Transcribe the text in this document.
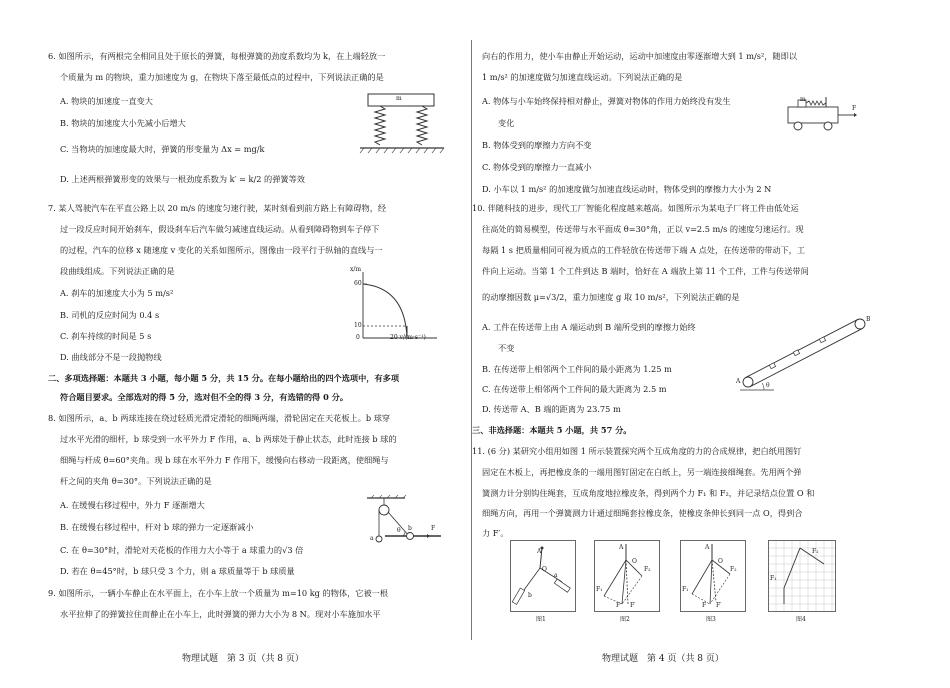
6. 如图所示，有两根完全相同且处于原长的弹簧，每根弹簧的劲度系数均为 k，在上端轻放一
个质量为 m 的物块，重力加速度为 g，在物块下落至最低点的过程中，下列说法正确的是
A. 物块的加速度一直变大
B. 物块的加速度大小先减小后增大
C. 当物块的加速度最大时，弹簧的形变量为 Δx = mg/k
D. 上述两根弹簧形变的效果与一根劲度系数为 k′ = k/2 的弹簧等效
m
7. 某人驾驶汽车在平直公路上以 20 m/s 的速度匀速行驶，某时刻看到前方路上有障碍物，经
过一段反应时间开始刹车，假设刹车后汽车做匀减速直线运动。从看到障碍物到车子停下
的过程，汽车的位移 x 随速度 v 变化的关系如图所示，图像由一段平行于纵轴的直线与一
段曲线组成。下列说法正确的是
A. 刹车的加速度大小为 5 m/s²
B. 司机的反应时间为 0.4 s
C. 刹车持续的时间是 5 s
D. 曲线部分不是一段抛物线
x/m
60
10
0	20 v/(m·s⁻¹)
二、多项选择题：本题共 3 小题，每小题 5 分，共 15 分。在每小题给出的四个选项中，有多项
符合题目要求。全部选对的得 5 分，选对但不全的得 3 分，有选错的得 0 分。
8. 如图所示，a、b 两球连接在绕过轻质光滑定滑轮的细绳两端，滑轮固定在天花板上。b 球穿
过水平光滑的细杆，b 球受到一水平外力 F 作用，a、b 两球处于静止状态，此时连接 b 球的
细绳与杆成 θ=60°夹角。现 b 球在水平外力 F 作用下，缓慢向右移动一段距离，使细绳与
杆之间的夹角 θ=30°。下列说法正确的是
A. 在缓慢右移过程中，外力 F 逐渐增大
B. 在缓慢右移过程中，杆对 b 球的弹力一定逐渐减小
C. 在 θ=30°时，滑轮对天花板的作用力大小等于 a 球重力的√3 倍
D. 若在 θ=45°时，b 球只受 3 个力，则 a 球质量等于 b 球质量
a
b	F
θ
9. 如图所示，一辆小车静止在水平面上，在小车上放一个质量为 m=10 kg 的物体，它被一根
水平拉伸了的弹簧拉住而静止在小车上，此时弹簧的弹力大小为 8 N。现对小车施加水平
物理试题　第 3 页（共 8 页）
向右的作用力，使小车由静止开始运动，运动中加速度由零逐渐增大到 1 m/s²，随即以
1 m/s² 的加速度做匀加速直线运动。下列说法正确的是
A. 物体与小车始终保持相对静止，弹簧对物体的作用力始终没有发生
变化
B. 物体受到的摩擦力方向不变
C. 物体受到的摩擦力一直减小
D. 小车以 1 m/s² 的加速度做匀加速直线运动时，物体受到的摩擦力大小为 2 N
m
F
10. 伴随科技的进步，现代工厂智能化程度越来越高。如图所示为某电子厂将工件由低处运
往高处的简易模型，传送带与水平面成 θ=30°角，正以 v=2.5 m/s 的速度匀速运行。现
每隔 1 s 把质量相同可视为质点的工件轻放在传送带下端 A 点处，在传送带的带动下，工
件向上运动。当第 1 个工件到达 B 端时，恰好在 A 端放上第 11 个工件，工件与传送带间
的动摩擦因数 μ=√3/2，重力加速度 g 取 10 m/s²，下列说法正确的是
A. 工件在传送带上由 A 端运动到 B 端所受到的摩擦力始终
不变
B. 在传送带上相邻两个工件间的最小距离为 1.25 m
C. 在传送带上相邻两个工件间的最大距离为 2.5 m
D. 传送带 A、B 端的距离为 23.75 m
A
B
θ
三、非选择题：本题共 5 小题，共 57 分。
11. (6 分) 某研究小组用如图 1 所示装置探究两个互成角度的力的合成规律，把白纸用图钉
固定在木板上，再把橡皮条的一端用图钉固定在白纸上，另一端连接细绳套。先用两个弹
簧测力计分别钩住绳套，互成角度地拉橡皮条，得到两个力 F₁ 和 F₂，并记录结点位置 O 和
细绳方向，再用一个弹簧测力计通过细绳套拉橡皮条，使橡皮条伸长到同一点 O，得到合
力 F′。
A
O
a
b
A
O
F₁
F₂
F F′
A
O
F₁
F₂
F F′
F₁
F₂
图1	图2	图3	图4
物理试题　第 4 页（共 8 页）
